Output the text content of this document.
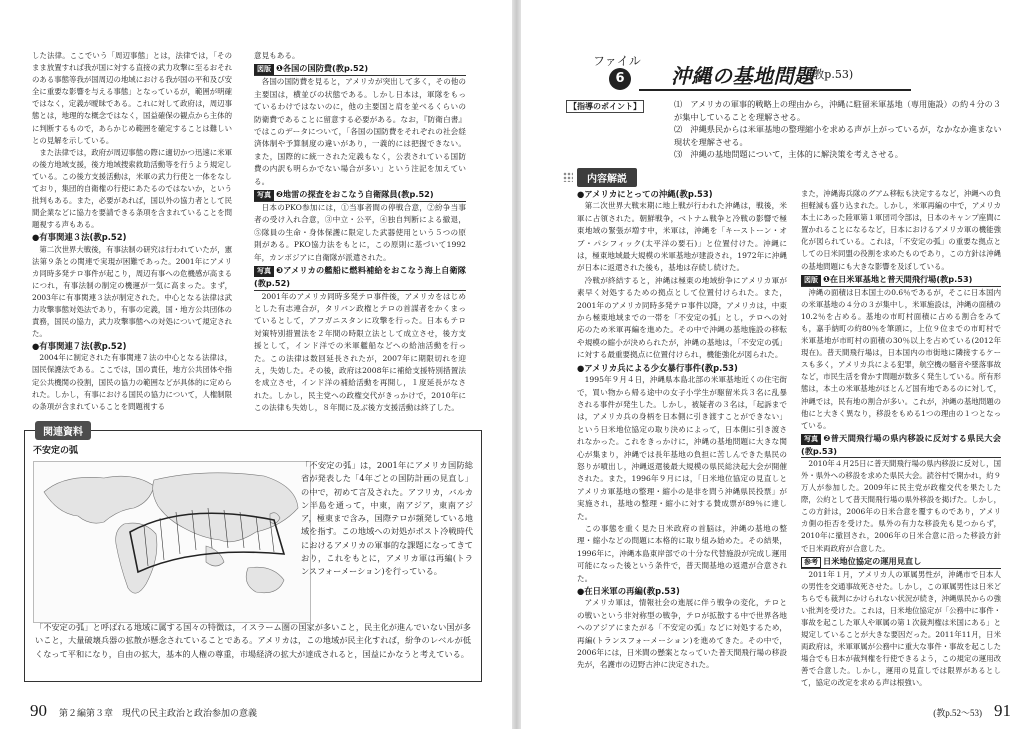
した法律。ここでいう「周辺事態」とは，法律では，「そのまま放置すれば我が国に対する直接の武力攻撃に至るおそれのある事態等我が国周辺の地域における我が国の平和及び安全に重要な影響を与える事態」となっているが，範囲が明確ではなく，定義が曖昧である。これに対して政府は，周辺事態とは，地理的な概念ではなく，国益確保の観点から主体的に判断するもので，あらかじめ範囲を確定することは難しいとの見解を示している。

また法律では，政府が周辺事態の際に適切かつ迅速に米軍の後方地域支援，後方地域捜索救助活動等を行うよう規定している。この後方支援活動は，米軍の武力行使と一体をなしており，集団的自衛権の行使にあたるのではないか，という批判もある。また，必要があれば，国以外の協力者として民間企業などに協力を要請できる条項を含まれていることを問題視する声もある。

●有事関連３法(教p.52)

第二次世界大戦後，有事法制の研究は行われていたが，憲法第９条との関連で実現が困難であった。2001年にアメリカ同時多発テロ事件が起こり，周辺有事への危機感が高まるにつれ，有事法制の制定の機運が一気に高まった。まず，2003年に有事関連３法が制定された。中心となる法律は武力攻撃事態対処法であり，有事の定義，国・地方公共団体の責務，国民の協力，武力攻撃事態への対処について規定された。

●有事関連７法(教p.52)

2004年に制定された有事関連７法の中心となる法律は，国民保護法である。ここでは，国の責任，地方公共団体や指定公共機関の役割，国民の協力の範囲などが具体的に定められた。しかし，有事における国民の協力について，人権制限の条項が含まれていることを問題視する

意見もある。

図版 ❶各国の国防費(教p.52)

各国の国防費を見ると，アメリカが突出して多く，その他の主要国は，横並びの状態である。しかし日本は，軍隊をもっているわけではないのに，他の主要国と肩を並べるくらいの防衛費であることに留意する必要がある。なお，『防衛白書』ではこのデータについて，「各国の国防費をそれぞれの社会経済体制や予算制度の違いがあり，一義的には把握できない。また，国際的に統一された定義もなく，公表されている国防費の内訳も明らかでない場合が多い」という注記を加えている。

写真 ❷地雷の探査をおこなう自衛隊員(教p.52)

日本のPKO参加には，①当事者間の停戦合意，②紛争当事者の受け入れ合意，③中立・公平，④独自判断による撤退，⑤隊員の生命・身体保護に限定した武器使用という５つの原則がある。PKO協力法をもとに，この原則に基づいて1992年，カンボジアに自衛隊が派遣された。

写真 ❸アメリカの艦船に燃料補給をおこなう海上自衛隊(教p.52)

2001年のアメリカ同時多発テロ事件後，アメリカをはじめとした有志連合が，タリバン政権とテロの首謀者をかくまっているとして，アフガニスタンに攻撃を行った。日本もテロ対策特別措置法を２年間の時限立法として成立させ，後方支援として，インド洋での米軍艦船などへの給油活動を行った。この法律は数回延長されたが，2007年に期限切れを迎え，失効した。その後，政府は2008年に補給支援特別措置法を成立させ，インド洋の補給活動を再開し，１度延長がなされた。しかし，民主党への政権交代がきっかけで，2010年にこの法律も失効し，８年間に及ぶ後方支援活動は終了した。

関連資料
不安定の弧
「不安定の弧」は，2001年にアメリカ国防総省が発表した「4年ごとの国防計画の見直し」の中で，初めて言及された。アフリカ，バルカン半島を通って，中東，南アジア，東南アジア，極東まで含み，国際テロが頻発している地域を指す。この地域への対処がポスト冷戦時代におけるアメリカの軍事的な課題になってきており，これをもとに，アメリカ軍は再編(トランスフォーメーション)を行っている。
「不安定の弧」と呼ばれる地域に属する国々の特徴は，イスラーム圏の国家が多いこと，民主化が進んでいない国が多いこと，大量破壊兵器の拡散が懸念されていることである。アメリカは，この地域が民主化すれば，紛争のレベルが低くなって平和になり，自由の拡大，基本的人権の尊重，市場経済の拡大が達成されると，国益にかなうと考えている。
90 第２編第３章　現代の民主政治と政治参加の意義
ファイル
6	沖縄の基地問題
(教p.53)
【指導のポイント】	⑴　アメリカの軍事的戦略上の理由から，沖縄に駐留米軍基地（専用施設）の約４分の３が集中していることを理解させる。

⑵　沖縄県民からは米軍基地の整理縮小を求める声が上がっているが，なかなか進まない現状を理解させる。

⑶　沖縄の基地問題について，主体的に解決策を考えさせる。

内容解説

●アメリカにとっての沖縄(教p.53)

第二次世界大戦末期に地上戦が行われた沖縄は，戦後，米軍に占領された。朝鮮戦争，ベトナム戦争と冷戦の影響で極東地域の緊張が増す中，米軍は，沖縄を「キーストーン・オブ・パシフィック(太平洋の要石)」と位置付けた。沖縄には，極東地域最大規模の米軍基地が建設され，1972年に沖縄が日本に返還された後も，基地は存続し続けた。

冷戦が終結すると，沖縄は極東の地域紛争にアメリカ軍が素早く対処するための拠点として位置付けられた。また，2001年のアメリカ同時多発テロ事件以降，アメリカは，中東から極東地域までの一帯を「不安定の弧」とし，テロへの対応のため米軍再編を進めた。その中で沖縄の基地施設の移転や規模の縮小が決められたが，沖縄の基地は，「不安定の弧」に対する最重要拠点に位置付けられ，機能強化が図られた。

●アメリカ兵による少女暴行事件(教p.53)

1995年９月４日，沖縄県本島北部の米軍基地近くの住宅街で，買い物から帰る途中の女子小学生が駆留米兵３名に乱暴される事件が発生した。しかし，被疑者の３名は，「起訴までは，アメリカ兵の身柄を日本側に引き渡すことができない」という日米地位協定の取り決めによって，日本側に引き渡されなかった。これをきっかけに，沖縄の基地問題に大きな関心が集まり，沖縄では長年基地の負担に苦しんできた県民の怒りが噴出し，沖縄返還後最大規模の県民総決起大会が開催された。また，1996年９月には，「日米地位協定の見直しとアメリカ軍基地の整理・縮小の是非を問う沖縄県民投票」が実施され，基地の整理・縮小に対する賛成票が89％に達した。

この事態を重く見た日米政府の首脳は，沖縄の基地の整理・縮小などの問題に本格的に取り組み始めた。その結果，1996年に，沖縄本島東岸部での十分な代替施設が完成し運用可能になった後という条件で，普天間基地の返還が合意された。

●在日米軍の再編(教p.53)

アメリカ軍は，情報社会の進展に伴う戦争の変化，テロとの戦いという非対称型の戦争，テロが拡散する中で世界各地へのアジアにまたがる「不安定の弧」などに対処するため，再編(トランスフォーメーション)を進めてきた。その中で，2006年には，日米間の懸案となっていた普天間飛行場の移設先が，名護市の辺野古沖に決定された。

また，沖縄海兵隊のグアム移転も決定するなど，沖縄への負担軽減も盛り込まれた。しかし，米軍再編の中で，アメリカ本土にあった陸軍第１軍団司令部は，日本のキャンプ座間に置かれることになるなど，日本におけるアメリカ軍の機能強化が図られている。これは，「不安定の弧」の重要な拠点としての日米同盟の役割を求めたものであり，この方針は沖縄の基地問題にも大きな影響を及ぼしている。

図版 ❶在日米軍基地と普天間飛行場(教p.53)

沖縄の面積は日本国土の0.6％であるが，そこに日本国内の米軍基地の４分の３が集中し，米軍施設は，沖縄の面積の10.2％を占める。基地の市町村面積に占める割合をみても，嘉手納町の約80％を筆頭に，上位９位までの市町村で米軍基地が市町村の面積の30％以上を占めている(2012年現在)。普天間飛行場は，日本国内の市街地に隣接するケースも多く，アメリカ兵による犯罪，航空機の騒音や墜落事故など，市民生活を脅かす問題が数多く発生している。所有形態は，本土の米軍基地がほとんど国有地であるのに対して，沖縄では，民有地の割合が多い。これが，沖縄の基地問題の他にと大きく異なり，移設をもめる1つの理由の１つとなっている。

写真 ❷普天間飛行場の県内移設に反対する県民大会(教p.53)

2010年４月25日に普天間飛行場の県内移設に反対し，国外・県外への移設を求めた県民大会。読谷村で開かれ，約９万人が参加した。2009年に民主党が政権交代を果たした際，公約として普天間飛行場の県外移設を掲げた。しかし，この方針は，2006年の日米合意を覆すものであり，アメリカ側の拒否を受けた。県外の有力な移設先も見つからず，2010年に撤回され，2006年の日米合意に沿った移設方針で日米両政府が合意した。

参考 日米地位協定の運用見直し

2011年１月，アメリカ人の軍属男性が，沖縄市で日本人の男性を交通事故死させた。しかし，この軍属男性は日米どちらでも裁判にかけられない状況が続き，沖縄県民からの強い批判を受けた。これは，日米地位協定が「公務中に事件・事故を起こした軍人や軍属の第１次裁判権は米国にある」と規定していることが大きな要因だった。2011年11月，日米両政府は，米軍軍属が公務中に重大な事件・事故を起こした場合でも日本が裁判権を行使できるよう，この規定の運用改善で合意した。しかし，運用の見直しでは限界があるとして，協定の改定を求める声は根強い。

(教p.52～53) 91
